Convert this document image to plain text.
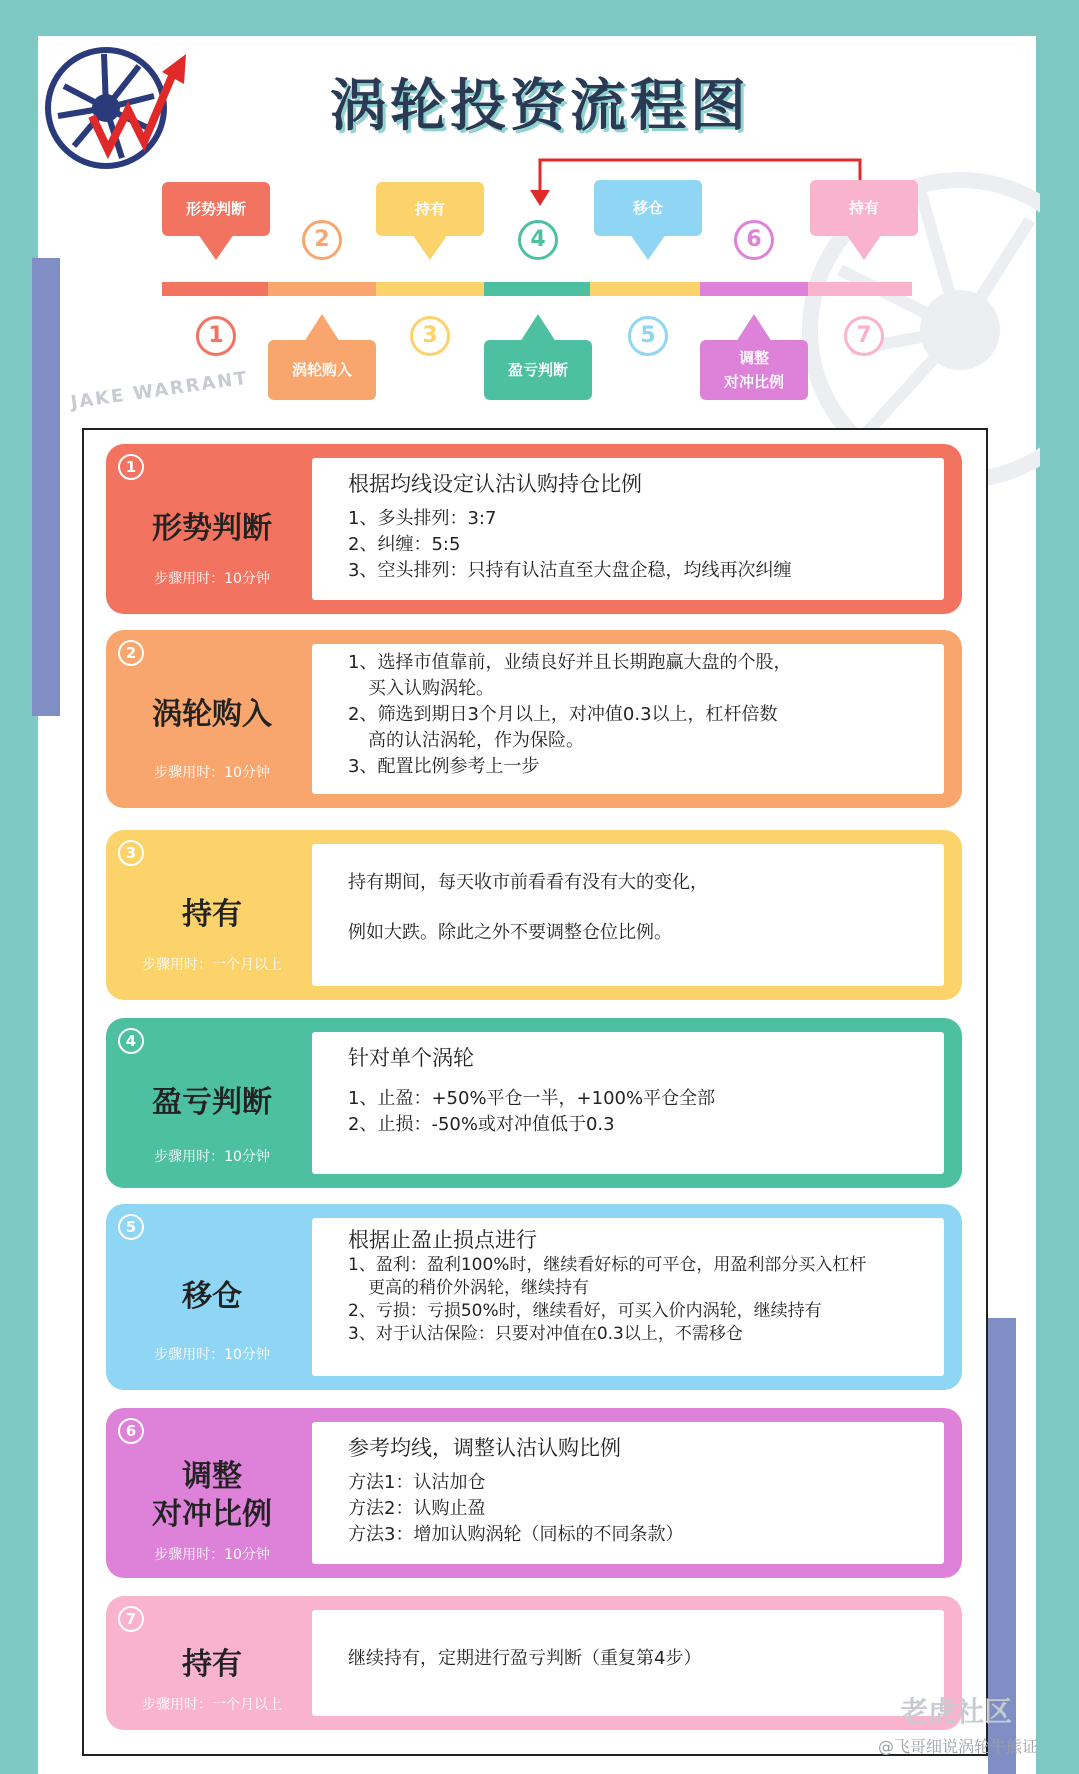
涡轮投资流程图
JAKE WARRANT
形势判断	持有	移仓	持有
2	4	6
1	3	5	7
涡轮购入	盈亏判断
调整
对冲比例
1
形势判断
步骤用时：10分钟
根据均线设定认沽认购持仓比例
1、多头排列：3:7
2、纠缠：5:5
3、空头排列：只持有认沽直至大盘企稳，均线再次纠缠
2
涡轮购入
步骤用时：10分钟
1、选择市值靠前，业绩良好并且长期跑赢大盘的个股，
买入认购涡轮。
2、筛选到期日3个月以上，对冲值0.3以上，杠杆倍数
高的认沽涡轮，作为保险。
3、配置比例参考上一步
3
持有
步骤用时：一个月以上
持有期间，每天收市前看看有没有大的变化，
例如大跌。除此之外不要调整仓位比例。
4
盈亏判断
步骤用时：10分钟
针对单个涡轮
1、止盈：+50%平仓一半，+100%平仓全部
2、止损：-50%或对冲值低于0.3
5
移仓
步骤用时：10分钟
根据止盈止损点进行
1、盈利：盈利100%时，继续看好标的可平仓，用盈利部分买入杠杆
更高的稍价外涡轮，继续持有
2、亏损：亏损50%时，继续看好，可买入价内涡轮，继续持有
3、对于认沽保险：只要对冲值在0.3以上，不需移仓
6
调整
对冲比例
步骤用时：10分钟
参考均线，调整认沽认购比例
方法1：认沽加仓
方法2：认购止盈
方法3：增加认购涡轮（同标的不同条款）
7
持有
步骤用时：一个月以上
继续持有，定期进行盈亏判断（重复第4步）
老虎社区
@飞哥细说涡轮牛熊证
